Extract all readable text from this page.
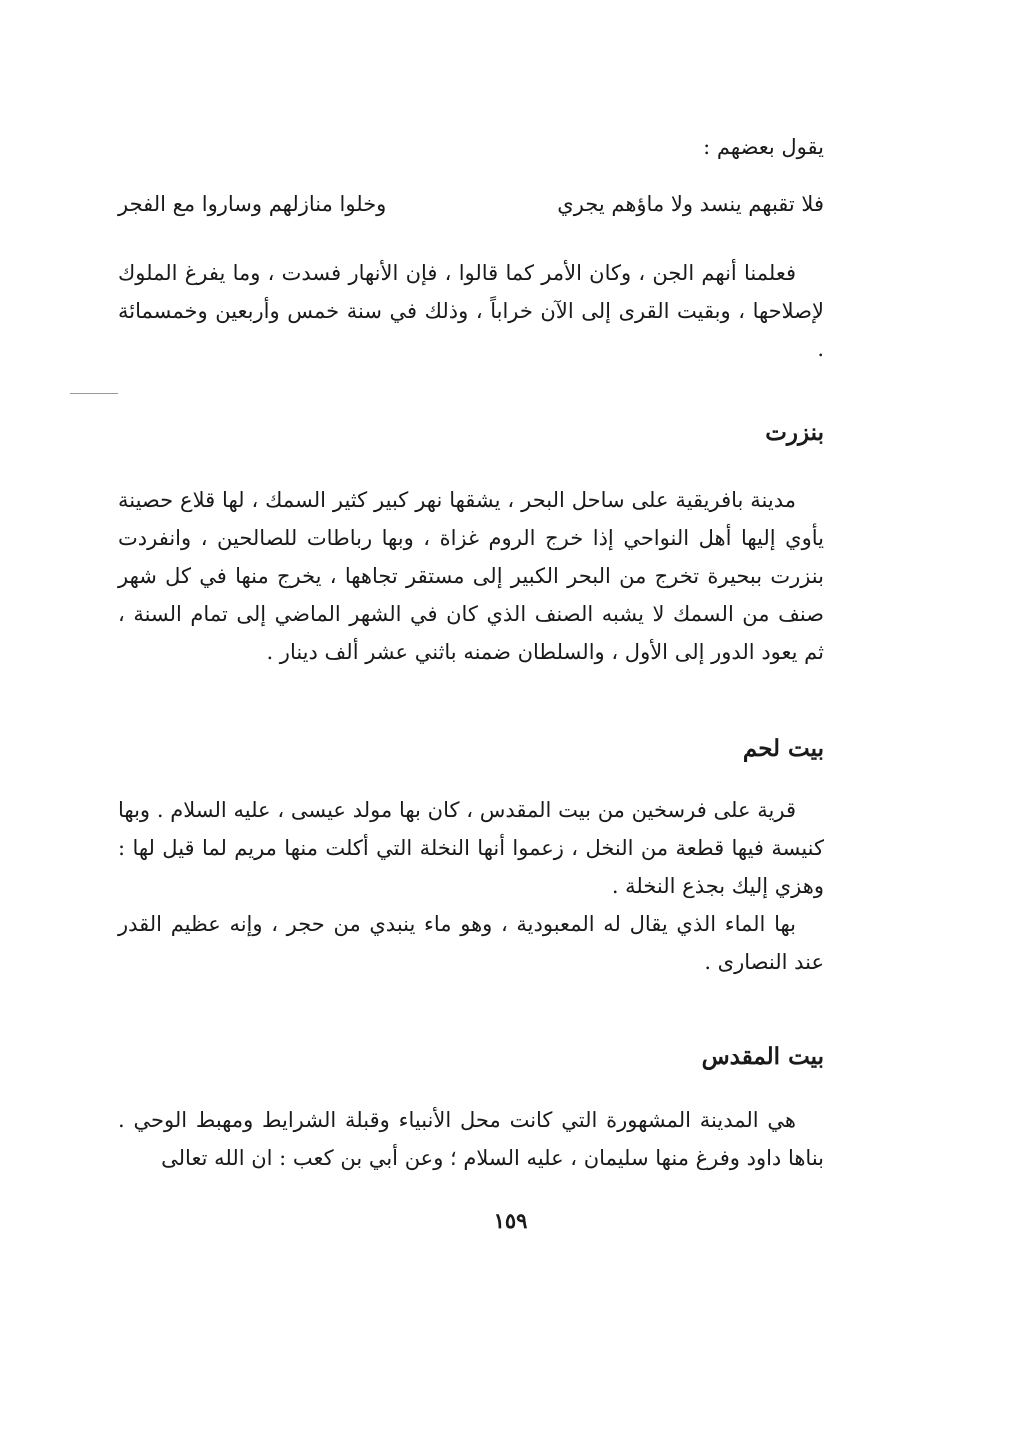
يقول بعضهم :

فلا تقبهم ينسد ولا ماؤهم يجري
وخلوا منازلهم وساروا مع الفجر

فعلمنا أنهم الجن ، وكان الأمر كما قالوا ، فإن الأنهار فسدت ، وما يفرغ الملوك لإصلاحها ، وبقيت القرى إلى الآن خراباً ، وذلك في سنة خمس وأربعين وخمسمائة .

بنزرت

مدينة بافريقية على ساحل البحر ، يشقها نهر كبير كثير السمك ، لها قلاع حصينة يأوي إليها أهل النواحي إذا خرج الروم غزاة ، وبها رباطات للصالحين ، وانفردت بنزرت ببحيرة تخرج من البحر الكبير إلى مستقر تجاهها ، يخرج منها في كل شهر صنف من السمك لا يشبه الصنف الذي كان في الشهر الماضي إلى تمام السنة ، ثم يعود الدور إلى الأول ، والسلطان ضمنه باثني عشر ألف دينار .

بيت لحم

قرية على فرسخين من بيت المقدس ، كان بها مولد عيسى ، عليه السلام . وبها كنيسة فيها قطعة من النخل ، زعموا أنها النخلة التي أكلت منها مريم لما قيل لها : وهزي إليك بجذع النخلة .

بها الماء الذي يقال له المعبودية ، وهو ماء ينبدي من حجر ، وإنه عظيم القدر عند النصارى .

بيت المقدس

هي المدينة المشهورة التي كانت محل الأنبياء وقبلة الشرايط ومهبط الوحي . بناها داود وفرغ منها سليمان ، عليه السلام ؛ وعن أبي بن كعب : ان الله تعالى

١٥٩
